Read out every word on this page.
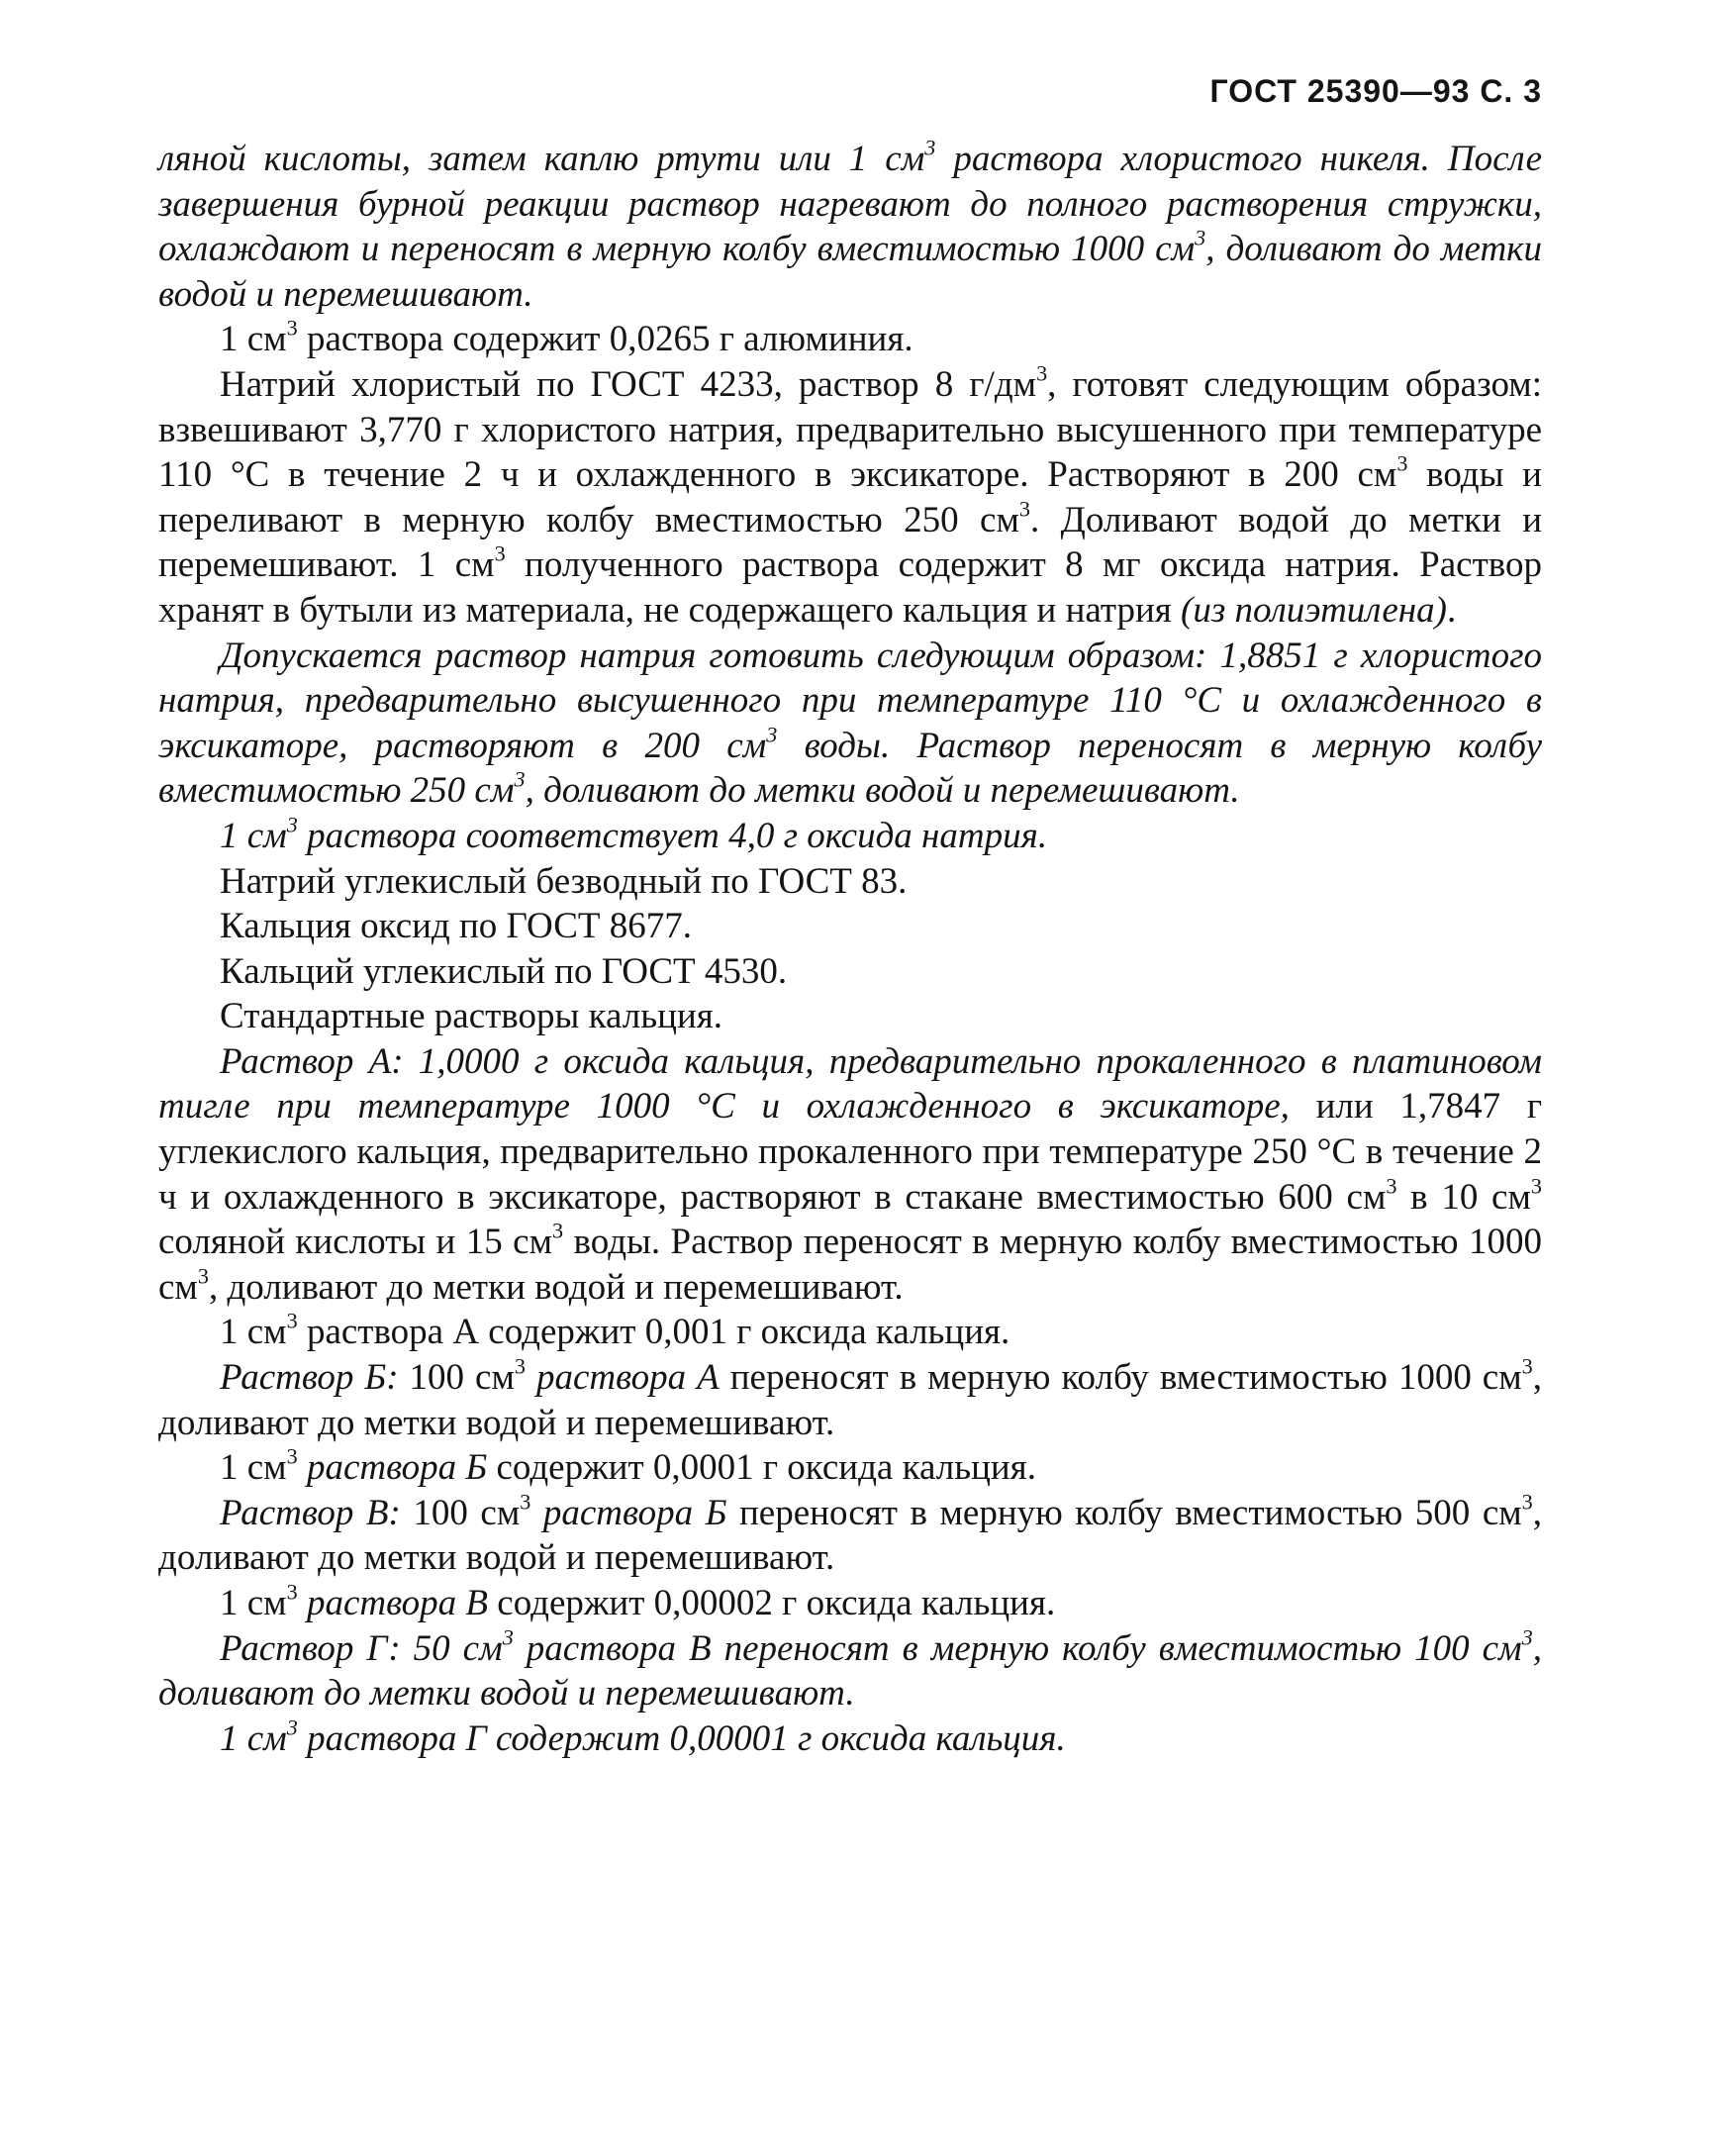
ГОСТ 25390—93 С. 3

ляной кислоты, затем каплю ртути или 1 $см^3$ раствора хлористого никеля. После завершения бурной реакции раствор нагревают до полного растворения стружки, охлаждают и переносят в мерную колбу вместимостью 1000 $см^3$, доливают до метки водой и перемешивают.

1 $см^3$ раствора содержит 0,0265 г алюминия.

Натрий хлористый по ГОСТ 4233, раствор 8 $г/дм^3$, готовят следующим образом: взвешивают 3,770 г хлористого натрия, предварительно высушенного при температуре 110 °С в течение 2 ч и охлажденного в эксикаторе. Растворяют в 200 $см^3$ воды и переливают в мерную колбу вместимостью 250 $см^3$. Доливают водой до метки и перемешивают. 1 $см^3$ полученного раствора содержит 8 мг оксида натрия. Раствор хранят в бутыли из материала, не содержащего кальция и натрия (из полиэтилена).

Допускается раствор натрия готовить следующим образом: 1,8851 г хлористого натрия, предварительно высушенного при температуре 110 °С и охлажденного в эксикаторе, растворяют в 200 $см^3$ воды. Раствор переносят в мерную колбу вместимостью 250 $см^3$, доливают до метки водой и перемешивают.

1 $см^3$ раствора соответствует 4,0 г оксида натрия.

Натрий углекислый безводный по ГОСТ 83.

Кальция оксид по ГОСТ 8677.

Кальций углекислый по ГОСТ 4530.

Стандартные растворы кальция.

Раствор А: 1,0000 г оксида кальция, предварительно прокаленного в платиновом тигле при температуре 1000 °С и охлажденного в эксикаторе, или 1,7847 г углекислого кальция, предварительно прокаленного при температуре 250 °С в течение 2 ч и охлажденного в эксикаторе, растворяют в стакане вместимостью 600 $см^3$ в 10 $см^3$ соляной кислоты и 15 $см^3$ воды. Раствор переносят в мерную колбу вместимостью 1000 $см^3$, доливают до метки водой и перемешивают.

1 $см^3$ раствора А содержит 0,001 г оксида кальция.

Раствор Б: 100 $см^3$ раствора А переносят в мерную колбу вместимостью 1000 $см^3$, доливают до метки водой и перемешивают.

1 $см^3$ раствора Б содержит 0,0001 г оксида кальция.

Раствор В: 100 $см^3$ раствора Б переносят в мерную колбу вместимостью 500 $см^3$, доливают до метки водой и перемешивают.

1 $см^3$ раствора В содержит 0,00002 г оксида кальция.

Раствор Г: 50 $см^3$ раствора В переносят в мерную колбу вместимостью 100 $см^3$, доливают до метки водой и перемешивают.

1 $см^3$ раствора Г содержит 0,00001 г оксида кальция.
